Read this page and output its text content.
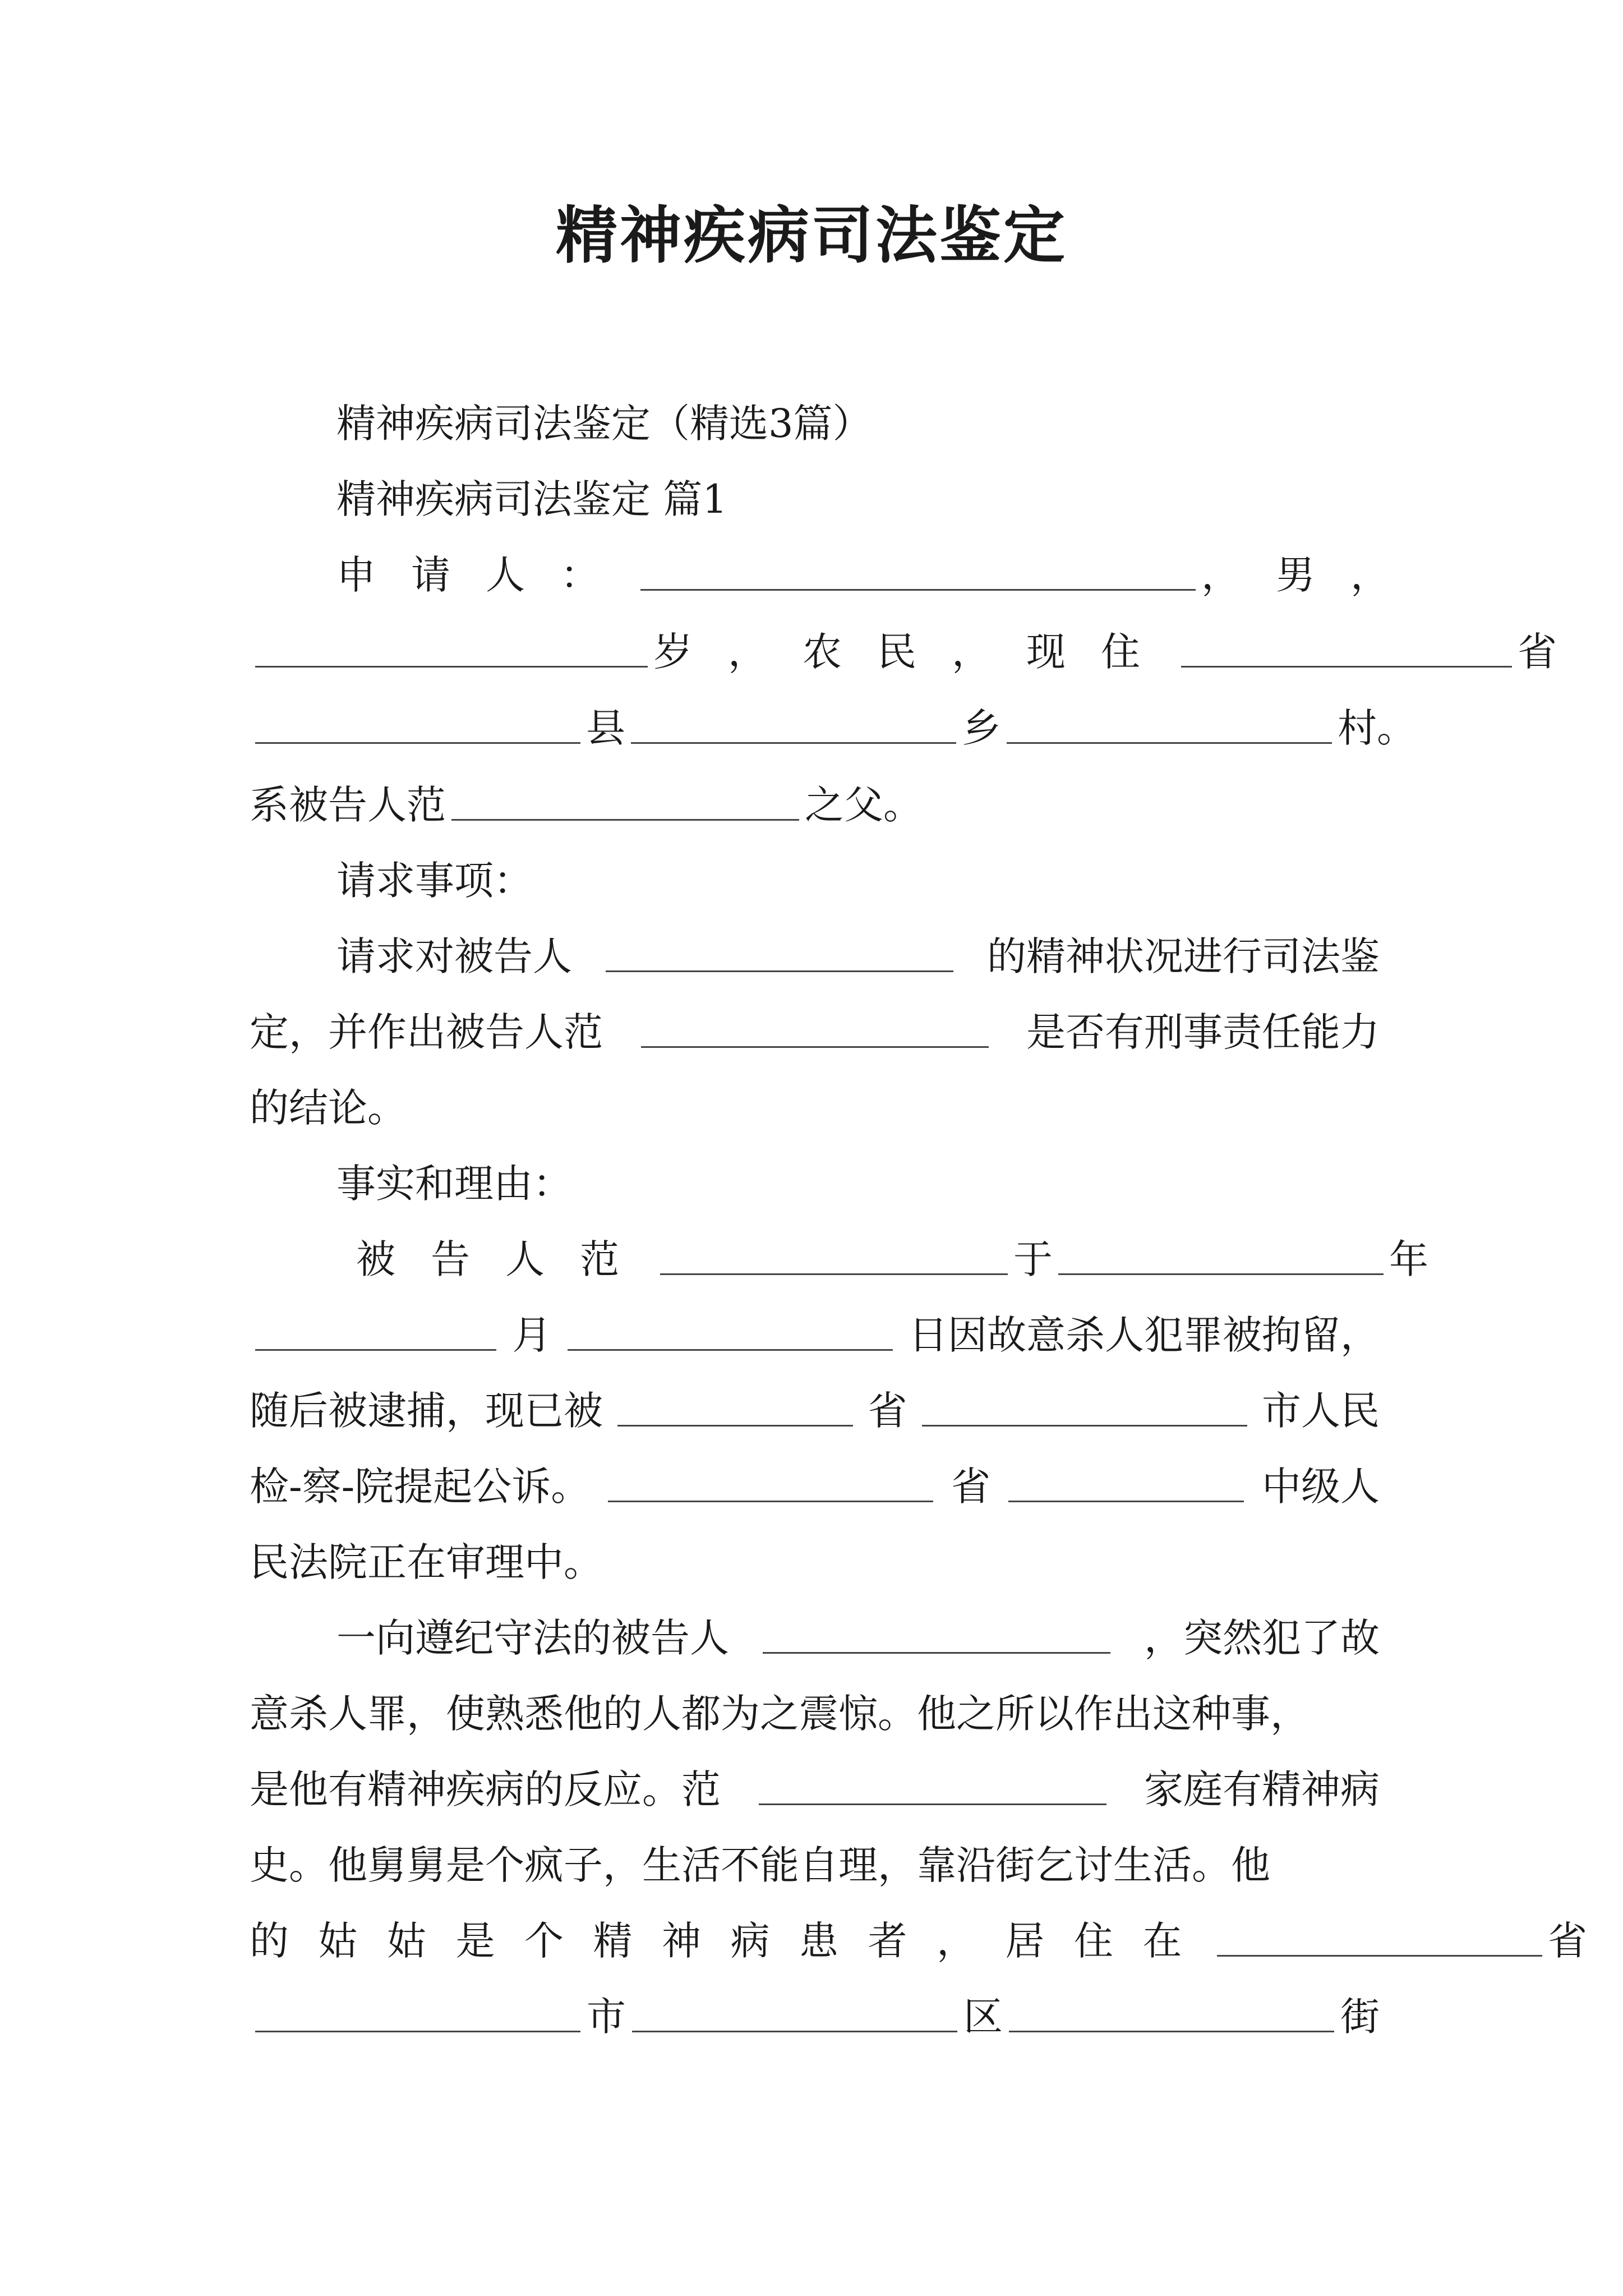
精神疾病司法鉴定
精神疾病司法鉴定（精选3篇）
精神疾病司法鉴定 篇1
申请人：	，男，
岁，农民，现住	省
县	乡	村。
系被告人范	之父。
请求事项：
请求对被告人	的精神状况进行司法鉴
定，并作出被告人范	是否有刑事责任能力
的结论。
事实和理由：
被告人范	于	年
月	日因故意杀人犯罪被拘留，
随后被逮捕，现已被	省	市人民
检-察-院提起公诉。	省	中级人
民法院正在审理中。
一向遵纪守法的被告人	，突然犯了故
意杀人罪，使熟悉他的人都为之震惊。他之所以作出这种事，
是他有精神疾病的反应。范	家庭有精神病
史。他舅舅是个疯子，生活不能自理，靠沿街乞讨生活。他
的姑姑是个精神病患者，居住在	省
市	区	街
